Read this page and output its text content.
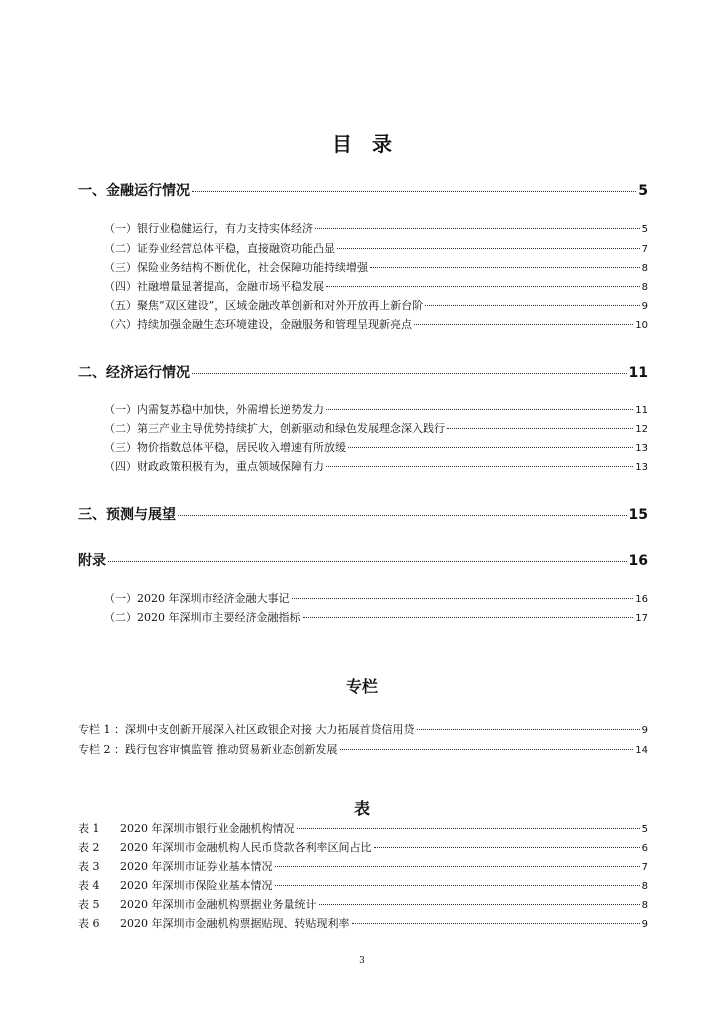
目　录
一、金融运行情况	5
（一）银行业稳健运行，有力支持实体经济	5
（二）证券业经营总体平稳，直接融资功能凸显	7
（三）保险业务结构不断优化，社会保障功能持续增强	8
（四）社融增量显著提高，金融市场平稳发展	8
（五）聚焦“双区建设”，区域金融改革创新和对外开放再上新台阶	9
（六）持续加强金融生态环境建设，金融服务和管理呈现新亮点	10
二、经济运行情况	11
（一）内需复苏稳中加快，外需增长逆势发力	11
（二）第三产业主导优势持续扩大，创新驱动和绿色发展理念深入践行	12
（三）物价指数总体平稳，居民收入增速有所放缓	13
（四）财政政策积极有为，重点领域保障有力	13
三、预测与展望	15
附录	16
（一）2020 年深圳市经济金融大事记	16
（二）2020 年深圳市主要经济金融指标	17
专栏
专栏 1 ：深圳中支创新开展深入社区政银企对接 大力拓展首贷信用贷	9
专栏 2 ：践行包容审慎监管 推动贸易新业态创新发展	14
表
表 1 2020 年深圳市银行业金融机构情况	5
表 2 2020 年深圳市金融机构人民币贷款各利率区间占比	6
表 3 2020 年深圳市证券业基本情况	7
表 4 2020 年深圳市保险业基本情况	8
表 5 2020 年深圳市金融机构票据业务量统计	8
表 6 2020 年深圳市金融机构票据贴现、转贴现利率	9
3
